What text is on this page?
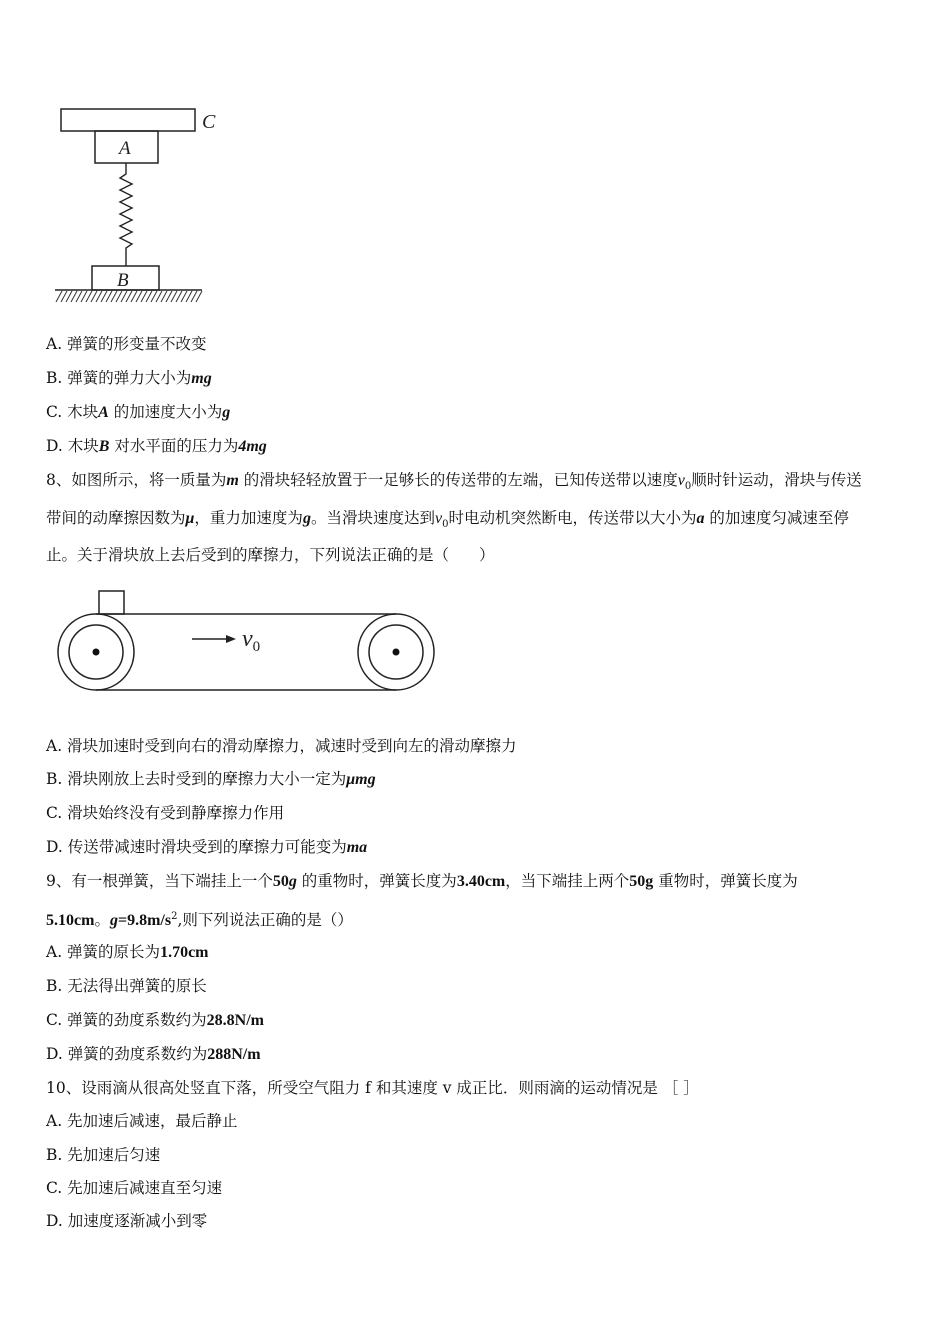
C
A
B
A. 弹簧的形变量不改变
B. 弹簧的弹力大小为mg
C. 木块A 的加速度大小为g
D. 木块B 对水平面的压力为4mg
8、如图所示，将一质量为m 的滑块轻轻放置于一足够长的传送带的左端，已知传送带以速度$v_0$顺时针运动，滑块与传送
带间的动摩擦因数为μ，重力加速度为g。当滑块速度达到$v_0$时电动机突然断电，传送带以大小为a 的加速度匀减速至停
止。关于滑块放上去后受到的摩擦力，下列说法正确的是（ ）
$v_0$
A. 滑块加速时受到向右的滑动摩擦力，减速时受到向左的滑动摩擦力
B. 滑块刚放上去时受到的摩擦力大小一定为μmg
C. 滑块始终没有受到静摩擦力作用
D. 传送带减速时滑块受到的摩擦力可能变为ma
9、有一根弹簧，当下端挂上一个50g 的重物时，弹簧长度为3.40cm，当下端挂上两个50g 重物时，弹簧长度为
5.10cm。$g=9.8m/s^2$,则下列说法正确的是（）
A. 弹簧的原长为1.70cm
B. 无法得出弹簧的原长
C. 弹簧的劲度系数约为28.8N/m
D. 弹簧的劲度系数约为288N/m
10、设雨滴从很高处竖直下落，所受空气阻力 f 和其速度 v 成正比．则雨滴的运动情况是 ［ ］
A. 先加速后减速，最后静止
B. 先加速后匀速
C. 先加速后减速直至匀速
D. 加速度逐渐减小到零
